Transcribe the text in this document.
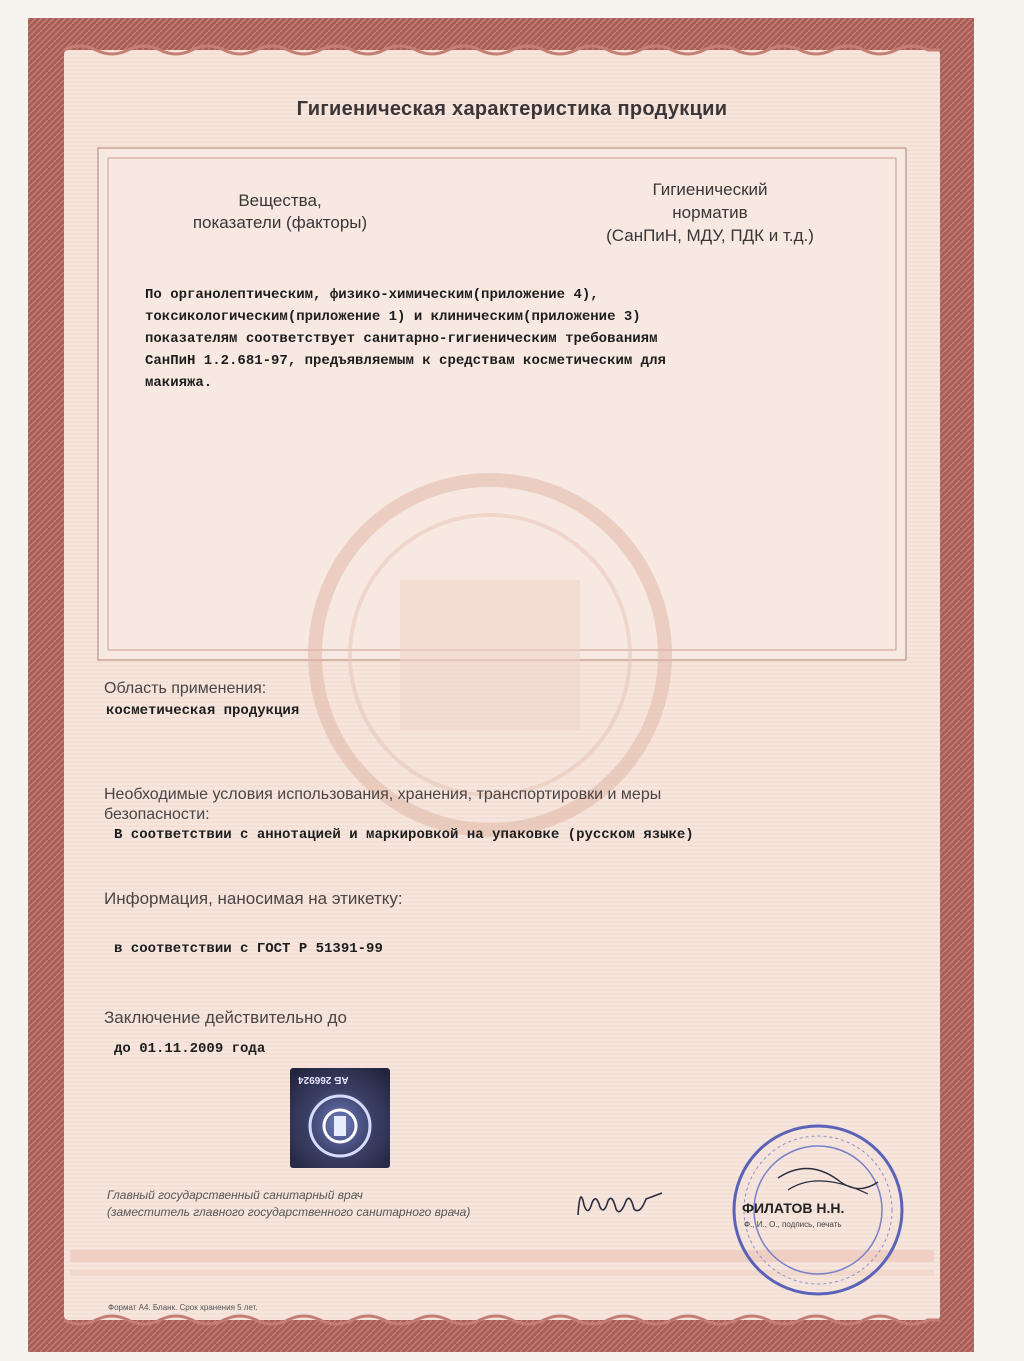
Гигиеническая характеристика продукции
Вещества,
показатели (факторы)
Гигиенический
норматив
(СанПиН, МДУ, ПДК и т.д.)
По органолептическим, физико-химическим(приложение 4),
токсикологическим(приложение 1) и клиническим(приложение 3)
показателям соответствует санитарно-гигиеническим требованиям
СанПиН 1.2.681-97, предъявляемым к средствам косметическим для
макияжа.
Область применения:
косметическая продукция
Необходимые условия использования, хранения, транспортировки и меры
безопасности:
В соответствии с аннотацией и маркировкой на упаковке (русском языке)
Информация, наносимая на этикетку:
в соответствии с ГОСТ Р 51391-99
Заключение действительно до
до 01.11.2009 года
АБ 266924
Главный государственный санитарный врач
(заместитель главного государственного санитарного врача)	ФИЛАТОВ Н.Н.
Ф., И., О., подпись, печать
Формат А4. Бланк. Срок хранения 5 лет.
